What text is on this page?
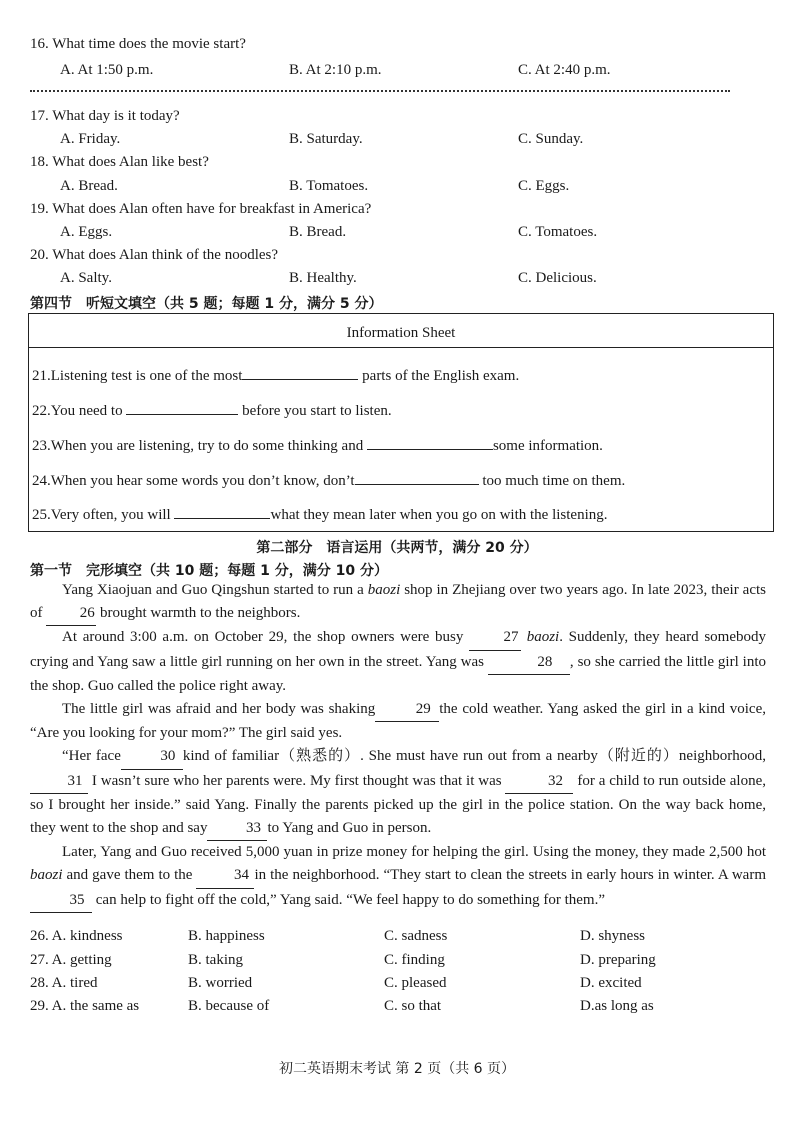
16. What time does the movie start?
A. At 1:50 p.m.	B. At 2:10 p.m.	C. At 2:40 p.m.
17. What day is it today?
A. Friday.	B. Saturday.	C. Sunday.
18. What does Alan like best?
A. Bread.	B. Tomatoes.	C. Eggs.
19. What does Alan often have for breakfast in America?
A. Eggs.	B. Bread.	C. Tomatoes.
20. What does Alan think of the noodles?
A. Salty.	B. Healthy.	C. Delicious.
第四节　听短文填空（共 5 题；每题 1 分，满分 5 分）
Information Sheet
21.Listening test is one of the most	parts of the English exam.
22.You need to	before you start to listen.
23.When you are listening, try to do some thinking and	some information.
24.When you hear some words you don’t know, don’t	too much time on them.
25.Very often, you will	what they mean later when you go on with the listening.
第二部分　语言运用（共两节，满分 20 分）
第一节　完形填空（共 10 题；每题 1 分，满分 10 分）

Yang Xiaojuan and Guo Qingshun started to run a baozi shop in Zhejiang over two years ago. In late 2023, their acts of 26 brought warmth to the neighbors.

At around 3:00 a.m. on October 29, the shop owners were busy 27 baozi. Suddenly, they heard somebody crying and Yang saw a little girl running on her own in the street. Yang was	28 , so she carried the little girl into the shop. Guo called the police right away.

The little girl was afraid and her body was shaking	29 the cold weather. Yang asked the girl in a kind voice, “Are you looking for your mom?” The girl said yes.

“Her face	30 kind of familiar（熟悉的）. She must have run out from a nearby（附近的）neighborhood, 31 I wasn’t sure who her parents were. My first thought was that it was	32 for a child to run outside alone, so I brought her inside.” said Yang. Finally the parents picked up the girl in the police station. On the way back home, they went to the shop and say	33 to Yang and Guo in person.

Later, Yang and Guo received 5,000 yuan in prize money for helping the girl. Using the money, they made 2,500 hot baozi and gave them to the	34 in the neighborhood. “They start to clean the streets in early hours in winter. A warm 35 can help to fight off the cold,” Yang said. “We feel happy to do something for them.”

26. A. kindness	B. happiness	C. sadness	D. shyness
27. A. getting	B. taking	C. finding	D. preparing
28. A. tired	B. worried	C. pleased	D. excited
29. A. the same as	B. because of	C. so that	D.as long as
初二英语期末考试 第 2 页（共 6 页）
